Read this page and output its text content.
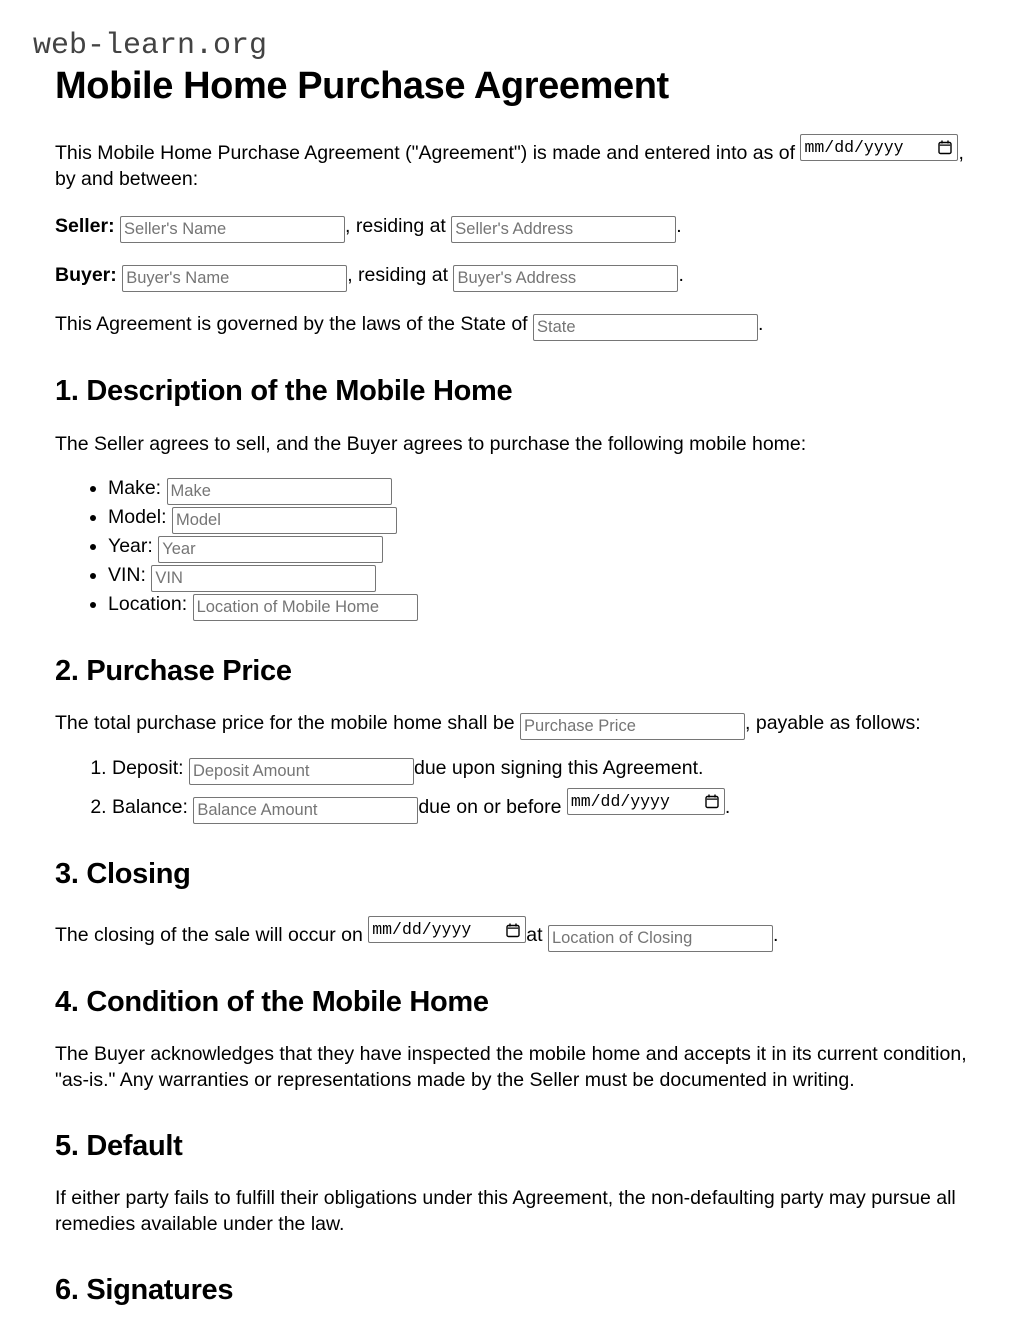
web-learn.org
Mobile Home Purchase Agreement

This Mobile Home Purchase Agreement ("Agreement") is made and entered into as of mm/dd/yyyy	, by and between:

Seller: Seller's Name	, residing at Seller's Address	.
Buyer: Buyer's Name	, residing at Buyer's Address	.

This Agreement is governed by the laws of the State of State	.

1. Description of the Mobile Home

The Seller agrees to sell, and the Buyer agrees to purchase the following mobile home:

• Make: Make
• Model: Model
• Year: Year
• VIN: VIN
• Location: Location of Mobile Home
2. Purchase Price

The total purchase price for the mobile home shall be Purchase Price	, payable as follows:

1. Deposit: Deposit Amount	due upon signing this Agreement.
2. Balance: Balance Amount	due on or before mm/dd/yyyy	.
3. Closing

The closing of the sale will occur on mm/dd/yyyy	at Location of Closing	.

4. Condition of the Mobile Home

The Buyer acknowledges that they have inspected the mobile home and accepts it in its current condition, "as-is." Any warranties or representations made by the Seller must be documented in writing.

5. Default

If either party fails to fulfill their obligations under this Agreement, the non-defaulting party may pursue all remedies available under the law.

6. Signatures
